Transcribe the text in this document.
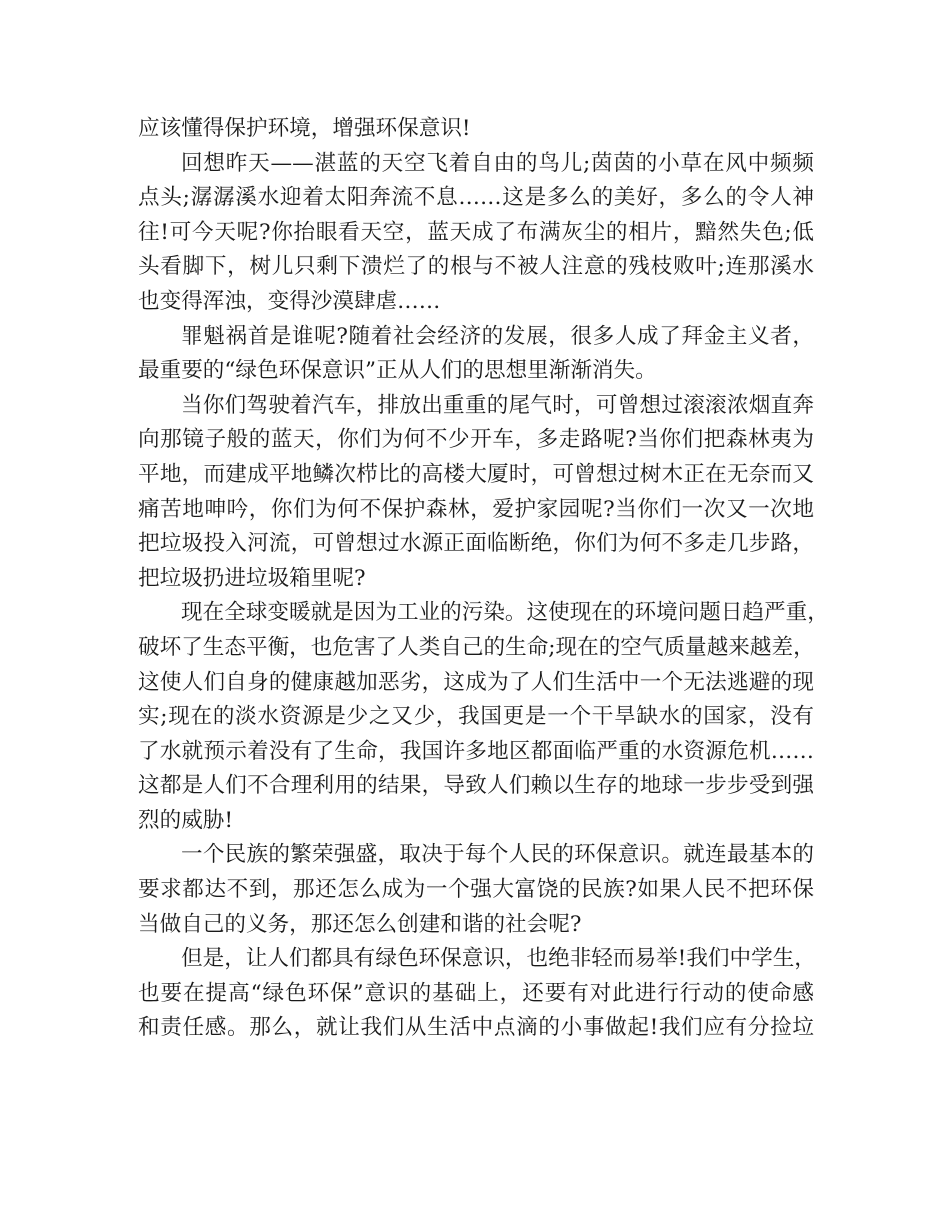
应该懂得保护环境，增强环保意识!
回想昨天——湛蓝的天空飞着自由的鸟儿;茵茵的小草在风中频频
点头;潺潺溪水迎着太阳奔流不息……这是多么的美好，多么的令人神
往!可今天呢?你抬眼看天空，蓝天成了布满灰尘的相片，黯然失色;低
头看脚下，树儿只剩下溃烂了的根与不被人注意的残枝败叶;连那溪水
也变得浑浊，变得沙漠肆虐……
罪魁祸首是谁呢?随着社会经济的发展，很多人成了拜金主义者，
最重要的“绿色环保意识”正从人们的思想里渐渐消失。
当你们驾驶着汽车，排放出重重的尾气时，可曾想过滚滚浓烟直奔
向那镜子般的蓝天，你们为何不少开车，多走路呢?当你们把森林夷为
平地，而建成平地鳞次栉比的高楼大厦时，可曾想过树木正在无奈而又
痛苦地呻吟，你们为何不保护森林，爱护家园呢?当你们一次又一次地
把垃圾投入河流，可曾想过水源正面临断绝，你们为何不多走几步路，
把垃圾扔进垃圾箱里呢?
现在全球变暖就是因为工业的污染。这使现在的环境问题日趋严重，
破坏了生态平衡，也危害了人类自己的生命;现在的空气质量越来越差，
这使人们自身的健康越加恶劣，这成为了人们生活中一个无法逃避的现
实;现在的淡水资源是少之又少，我国更是一个干旱缺水的国家，没有
了水就预示着没有了生命，我国许多地区都面临严重的水资源危机……
这都是人们不合理利用的结果，导致人们赖以生存的地球一步步受到强
烈的威胁!
一个民族的繁荣强盛，取决于每个人民的环保意识。就连最基本的
要求都达不到，那还怎么成为一个强大富饶的民族?如果人民不把环保
当做自己的义务，那还怎么创建和谐的社会呢?
但是，让人们都具有绿色环保意识，也绝非轻而易举!我们中学生，
也要在提高“绿色环保”意识的基础上，还要有对此进行行动的使命感
和责任感。那么，就让我们从生活中点滴的小事做起!我们应有分捡垃
